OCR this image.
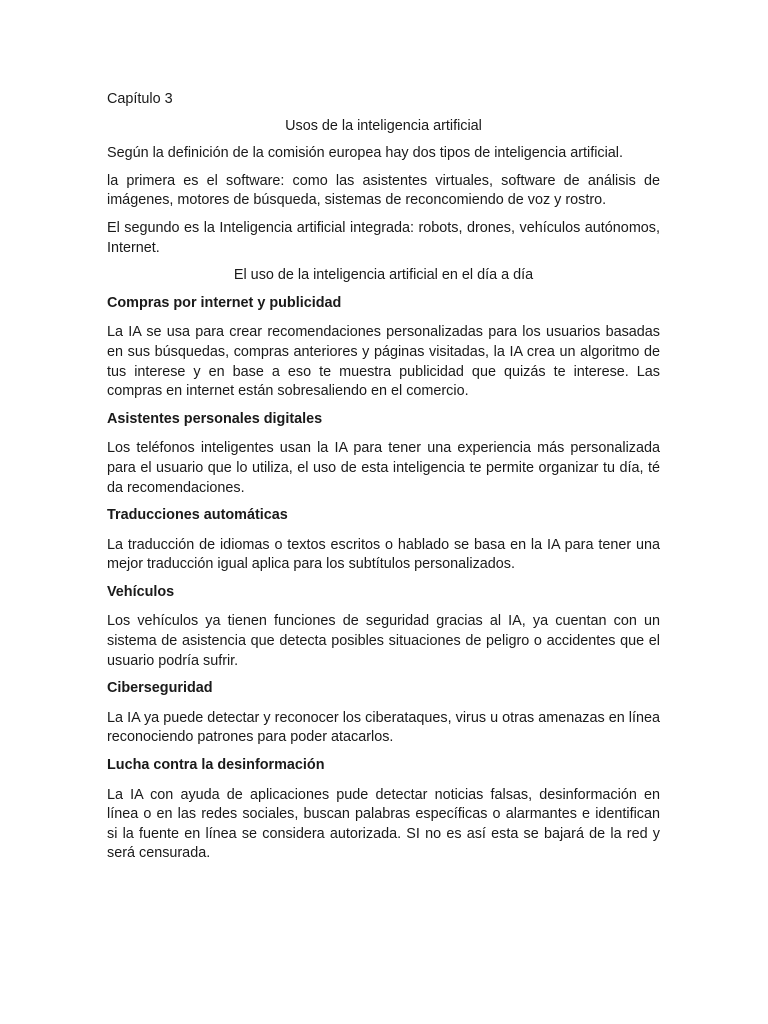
Capítulo 3
Usos de la inteligencia artificial

Según la definición de la comisión europea hay dos tipos de inteligencia artificial.

la primera es el software: como las asistentes virtuales, software de análisis de imágenes, motores de búsqueda, sistemas de reconcomiendo de voz y rostro.

El segundo es la Inteligencia artificial integrada: robots, drones, vehículos autónomos, Internet.

El uso de la inteligencia artificial en el día a día
Compras por internet y publicidad

La IA se usa para crear recomendaciones personalizadas para los usuarios basadas en sus búsquedas, compras anteriores y páginas visitadas, la IA crea un algoritmo de tus interese y en base a eso te muestra publicidad que quizás te interese. Las compras en internet están sobresaliendo en el comercio.

Asistentes personales digitales

Los teléfonos inteligentes usan la IA para tener una experiencia más personalizada para el usuario que lo utiliza, el uso de esta inteligencia te permite organizar tu día, té da recomendaciones.

Traducciones automáticas

La traducción de idiomas o textos escritos o hablado se basa en la IA para tener una mejor traducción igual aplica para los subtítulos personalizados.

Vehículos

Los vehículos ya tienen funciones de seguridad gracias al IA, ya cuentan con un sistema de asistencia que detecta posibles situaciones de peligro o accidentes que el usuario podría sufrir.

Ciberseguridad

La IA ya puede detectar y reconocer los ciberataques, virus u otras amenazas en línea reconociendo patrones para poder atacarlos.

Lucha contra la desinformación

La IA con ayuda de aplicaciones pude detectar noticias falsas, desinformación en línea o en las redes sociales, buscan palabras específicas o alarmantes e identifican si la fuente en línea se considera autorizada. SI no es así esta se bajará de la red y será censurada.
